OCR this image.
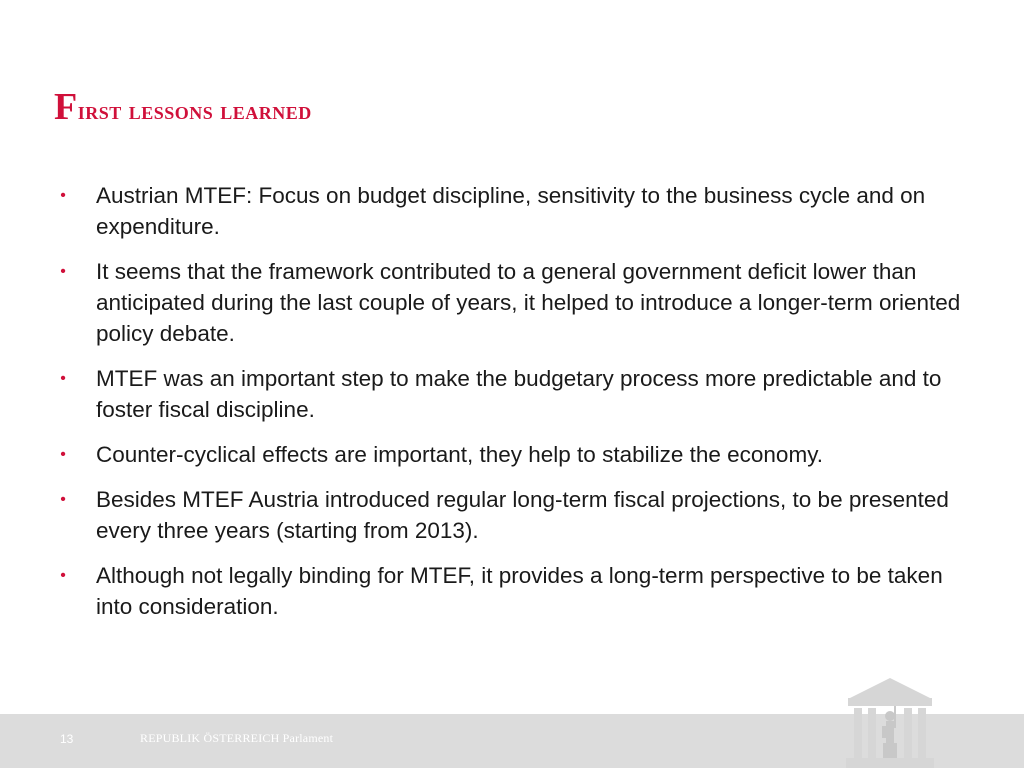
First lessons learned
• Austrian MTEF: Focus on budget discipline, sensitivity to the business cycle and on expenditure.
• It seems that the framework contributed to a general government deficit lower than anticipated during the last couple of years, it helped to introduce a longer-term oriented policy debate.
• MTEF was an important step to make the budgetary process more predictable and to foster fiscal discipline.
• Counter-cyclical effects are important, they help to stabilize the economy.
• Besides MTEF Austria introduced regular long-term fiscal projections, to be presented every three years (starting from 2013).
• Although not legally binding for MTEF, it provides a long-term perspective to be taken into consideration.
13	REPUBLIK ÖSTERREICH Parlament
